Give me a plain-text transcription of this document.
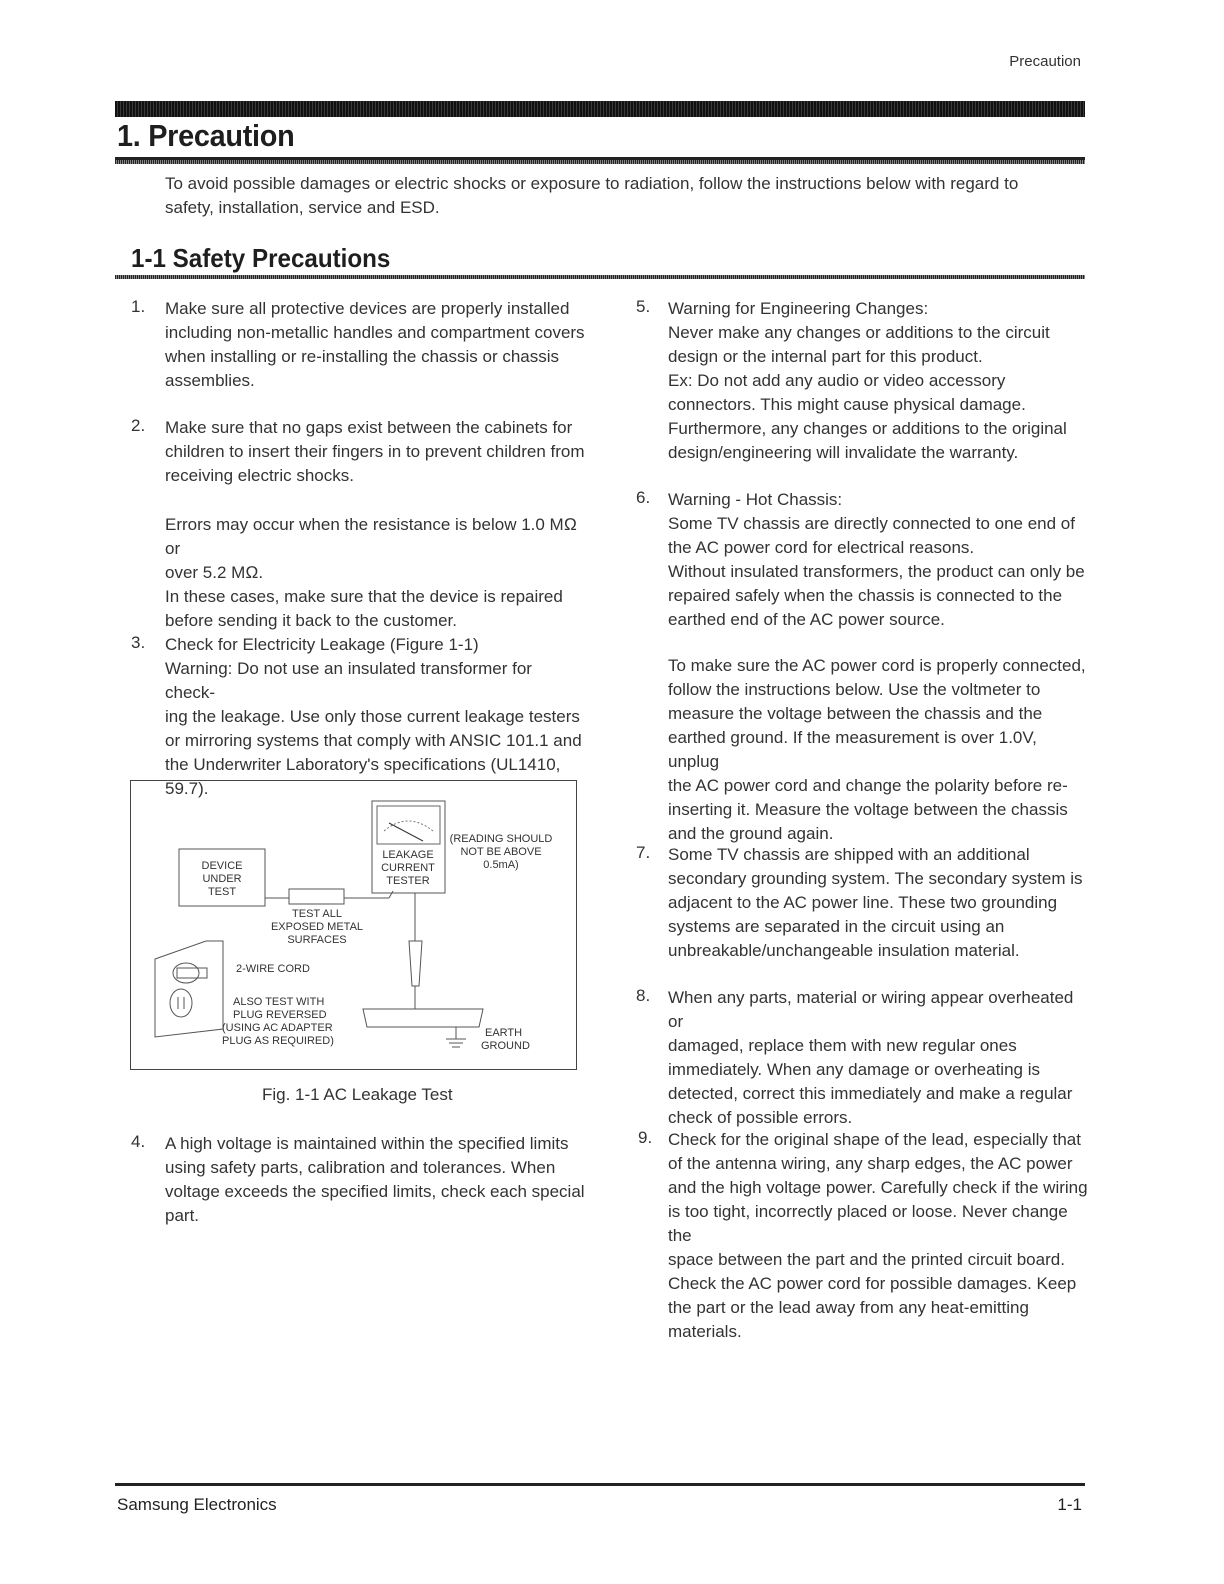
Precaution
1. Precaution
To avoid possible damages or electric shocks or exposure to radiation, follow the instructions below with regard to safety, installation, service and ESD.
1-1 Safety Precautions
1. Make sure all protective devices are properly installed
including non-metallic handles and compartment covers
when installing or re-installing the chassis or chassis
assemblies.
2. Make sure that no gaps exist between the cabinets for
children to insert their fingers in to prevent children from
receiving electric shocks.
Errors may occur when the resistance is below 1.0 MΩ or
over 5.2 MΩ.
In these cases, make sure that the device is repaired
before sending it back to the customer.
3. Check for Electricity Leakage (Figure 1-1)
Warning: Do not use an insulated transformer for check-
ing the leakage. Use only those current leakage testers
or mirroring systems that comply with ANSIC 101.1 and
the Underwriter Laboratory's specifications (UL1410,
59.7).
4. A high voltage is maintained within the specified limits
using safety parts, calibration and tolerances. When
voltage exceeds the specified limits, check each special
part.
DEVICE
UNDER
TEST
TEST ALL
EXPOSED METAL
SURFACES
LEAKAGE
CURRENT
TESTER
(READING SHOULD
NOT BE ABOVE
0.5mA)
EARTH
GROUND
2-WIRE CORD
ALSO TEST WITH
PLUG REVERSED
(USING AC ADAPTER
PLUG AS REQUIRED)
Fig. 1-1 AC Leakage Test
5. Warning for Engineering Changes:
Never make any changes or additions to the circuit
design or the internal part for this product.
Ex: Do not add any audio or video accessory
connectors. This might cause physical damage.
Furthermore, any changes or additions to the original
design/engineering will invalidate the warranty.
6. Warning - Hot Chassis:
Some TV chassis are directly connected to one end of
the AC power cord for electrical reasons.
Without insulated transformers, the product can only be
repaired safely when the chassis is connected to the
earthed end of the AC power source.
To make sure the AC power cord is properly connected,
follow the instructions below. Use the voltmeter to
measure the voltage between the chassis and the
earthed ground. If the measurement is over 1.0V, unplug
the AC power cord and change the polarity before re-
inserting it. Measure the voltage between the chassis
and the ground again.
7. Some TV chassis are shipped with an additional
secondary grounding system. The secondary system is
adjacent to the AC power line. These two grounding
systems are separated in the circuit using an
unbreakable/unchangeable insulation material.
8. When any parts, material or wiring appear overheated or
damaged, replace them with new regular ones
immediately. When any damage or overheating is
detected, correct this immediately and make a regular
check of possible errors.
9. Check for the original shape of the lead, especially that
of the antenna wiring, any sharp edges, the AC power
and the high voltage power. Carefully check if the wiring
is too tight, incorrectly placed or loose. Never change the
space between the part and the printed circuit board.
Check the AC power cord for possible damages. Keep
the part or the lead away from any heat-emitting
materials.
Samsung Electronics	1-1
